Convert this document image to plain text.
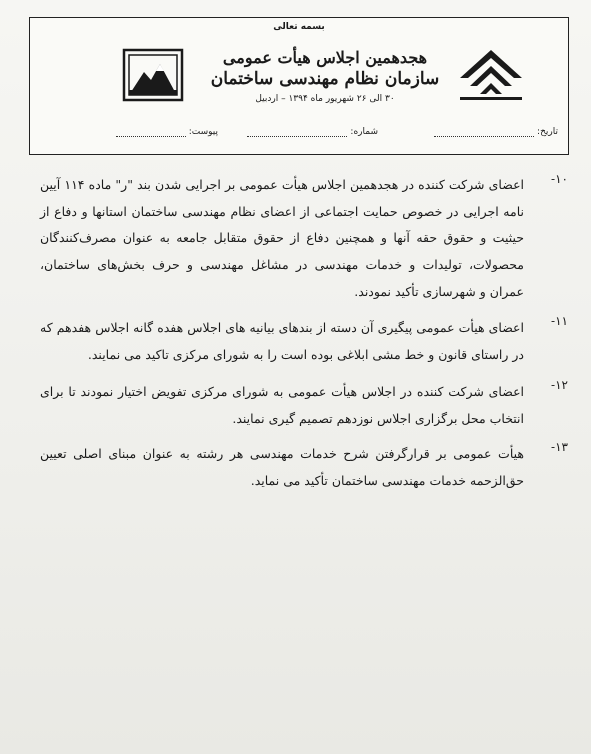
بسمه تعالی
هجدهمین اجلاس هیأت عمومی
سازمان نظام مهندسی ساختمان
۳۰ الی ۲۶ شهریور ماه ۱۳۹۴ – اردبیل
تاریخ:
شماره:
پیوست:
۱۰-

اعضای شرکت کننده در هجدهمین اجلاس هیأت عمومی بر اجرایی شدن بند "ر" ماده ۱۱۴ آیین نامه اجرایی در خصوص حمایت اجتماعی از اعضای نظام مهندسی ساختمان استانها و دفاع از حیثیت و حقوق حقه آنها و همچنین دفاع از حقوق متقابل جامعه به عنوان مصرف‌کنندگان محصولات، تولیدات و خدمات مهندسی در مشاغل مهندسی و حرف بخش‌های ساختمان، عمران و شهرسازی تأکید نمودند.

۱۱-

اعضای هیأت عمومی پیگیری آن دسته از بندهای بیانیه های اجلاس هفده گانه اجلاس هفدهم که در راستای قانون و خط مشی ابلاغی بوده است را به شورای مرکزی تاکید می نمایند.

۱۲-

اعضای شرکت کننده در اجلاس هیأت عمومی به شورای مرکزی تفویض اختیار نمودند تا برای انتخاب محل برگزاری اجلاس نوزدهم تصمیم گیری نمایند.

۱۳-

هیأت عمومی بر قرارگرفتن شرح خدمات مهندسی هر رشته به عنوان مبنای اصلی تعیین حق‌الزحمه خدمات مهندسی ساختمان تأکید می نماید.
